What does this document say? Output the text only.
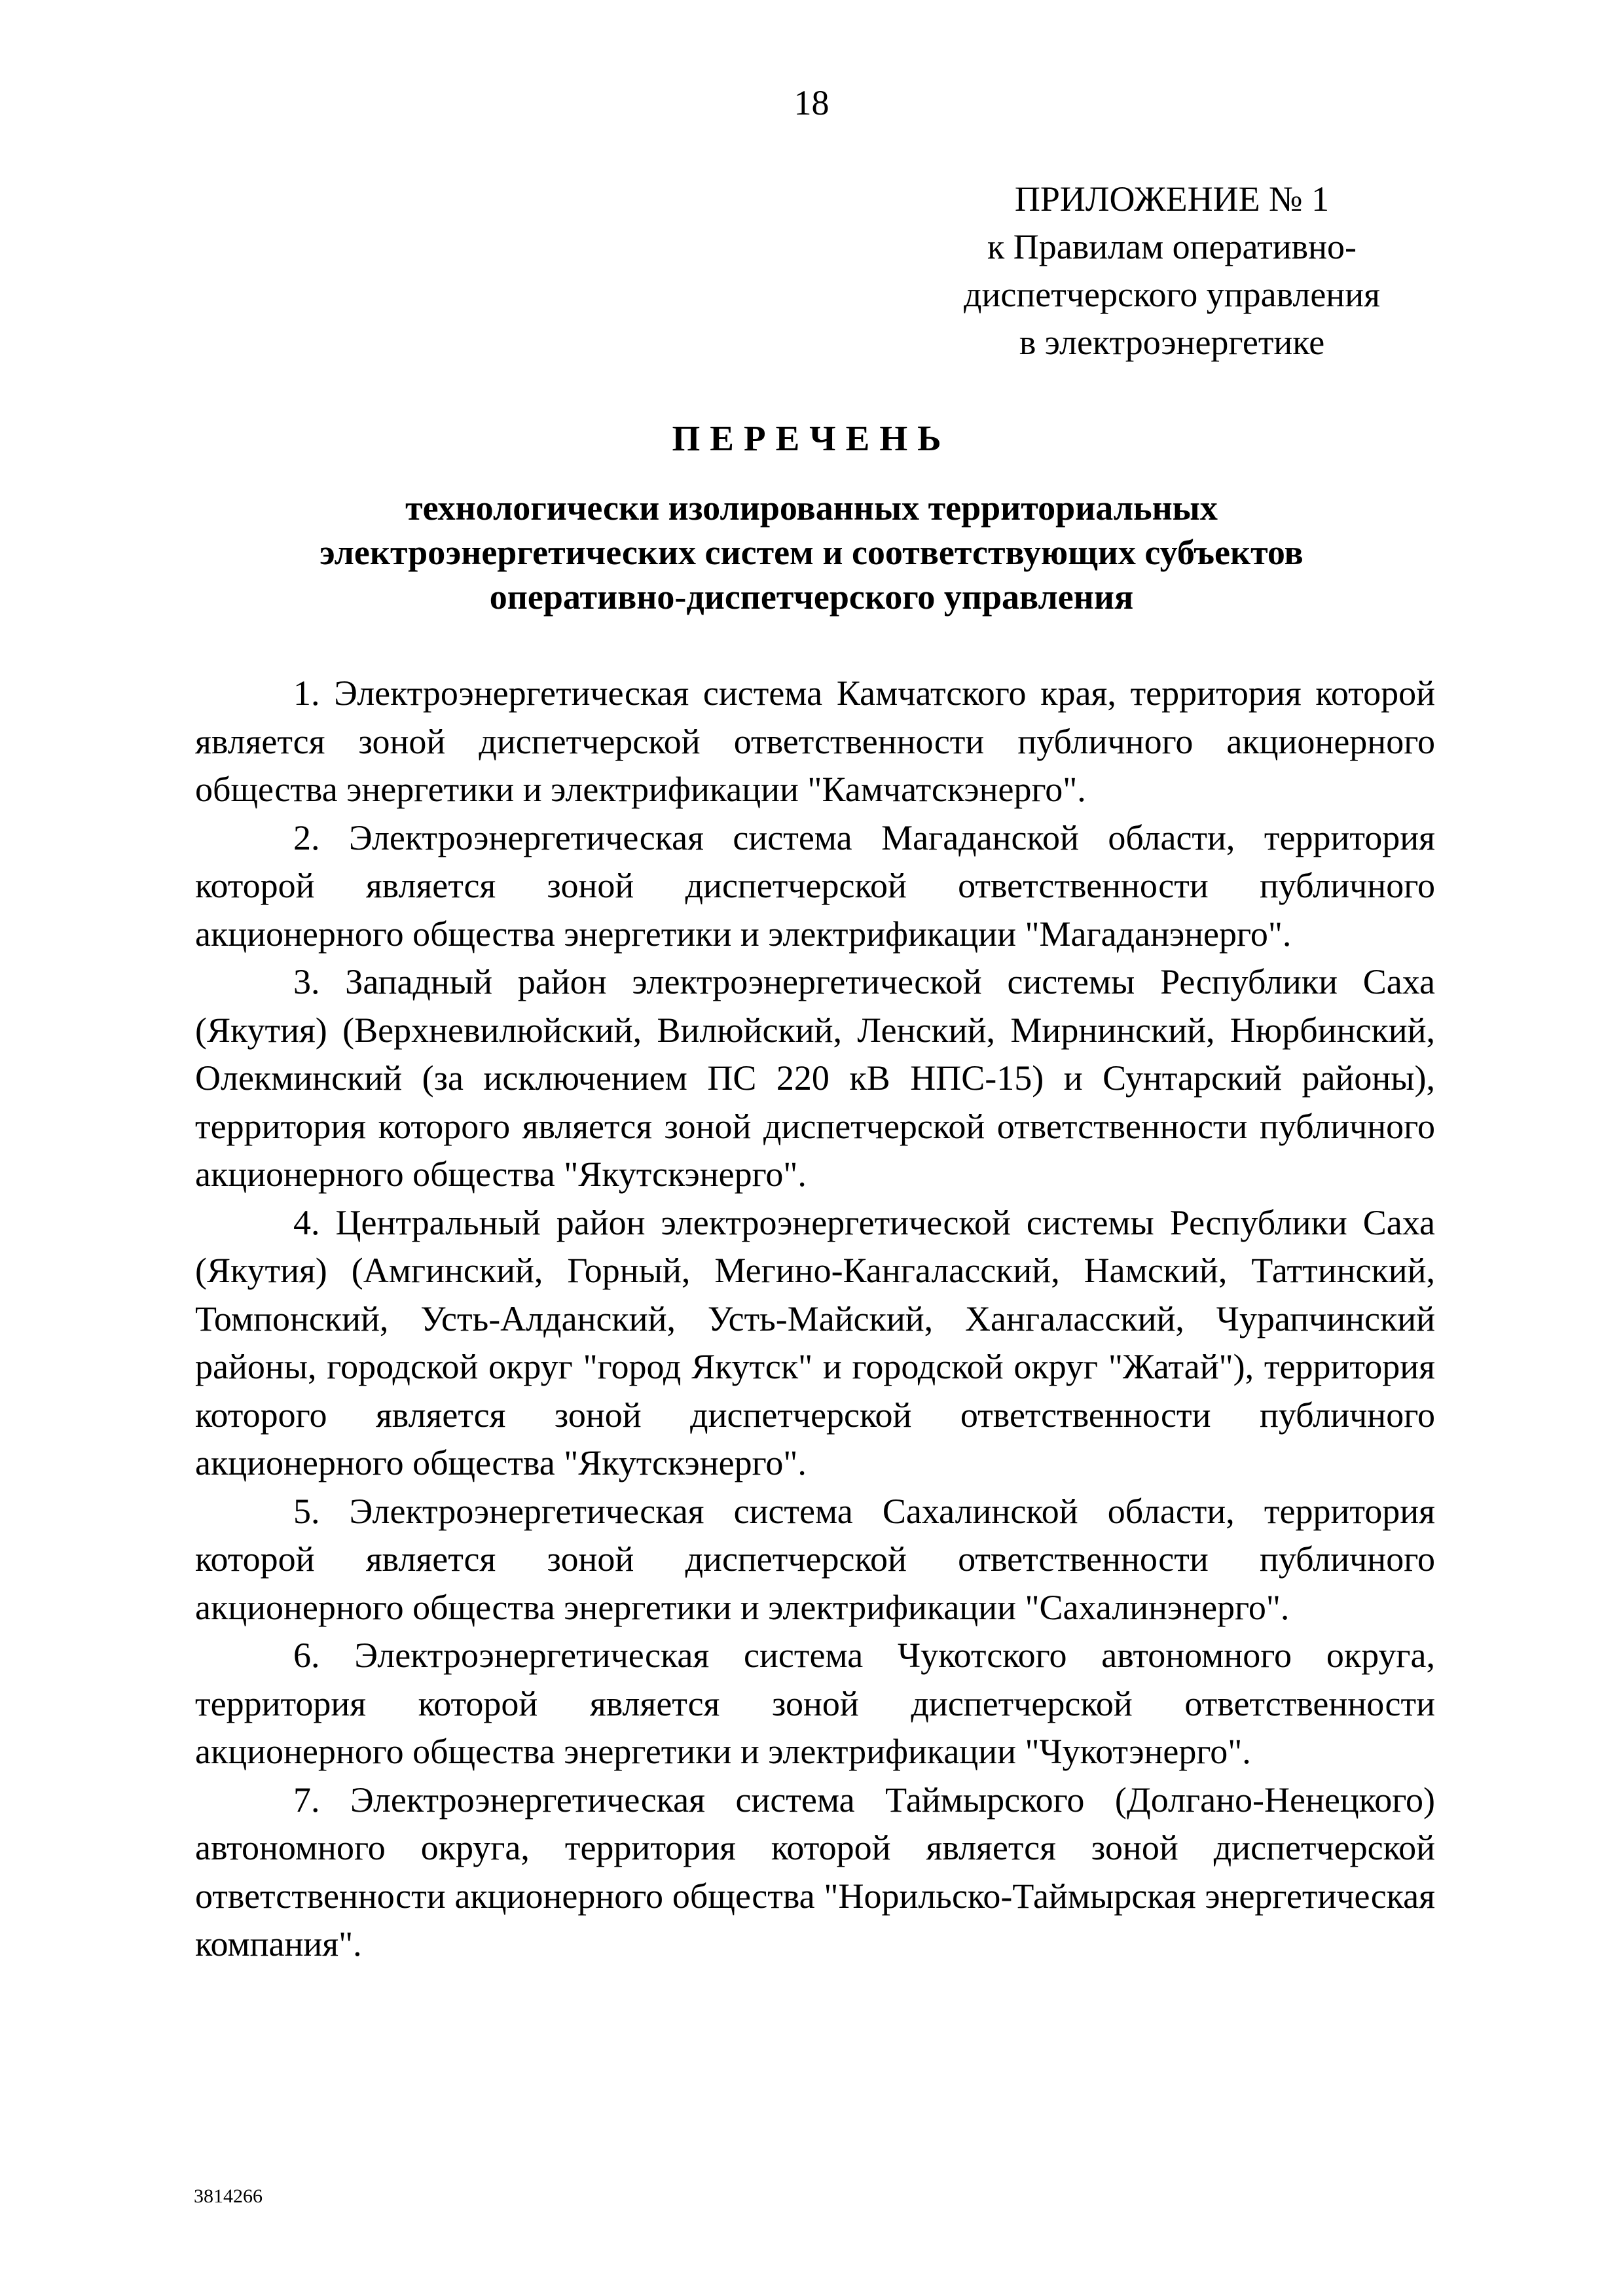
18
ПРИЛОЖЕНИЕ № 1
к Правилам оперативно-
диспетчерского управления
в электроэнергетике
ПЕРЕЧЕНЬ
технологически изолированных территориальных
электроэнергетических систем и соответствующих субъектов
оперативно-диспетчерского управления

1. Электроэнергетическая система Камчатского края, территория которой является зоной диспетчерской ответственности публичного акционерного общества энергетики и электрификации "Камчатскэнерго".

2. Электроэнергетическая система Магаданской области, территория которой является зоной диспетчерской ответственности публичного акционерного общества энергетики и электрификации "Магаданэнерго".

3. Западный район электроэнергетической системы Республики Саха (Якутия) (Верхневилюйский, Вилюйский, Ленский, Мирнинский, Нюрбинский, Олекминский (за исключением ПС 220 кВ НПС-15) и Сунтарский районы), территория которого является зоной диспетчерской ответственности публичного акционерного общества "Якутскэнерго".

4. Центральный район электроэнергетической системы Республики Саха (Якутия) (Амгинский, Горный, Мегино-Кангаласский, Намский, Таттинский, Томпонский, Усть-Алданский, Усть-Майский, Хангаласский, Чурапчинский районы, городской округ "город Якутск" и городской округ "Жатай"), территория которого является зоной диспетчерской ответственности публичного акционерного общества "Якутскэнерго".

5. Электроэнергетическая система Сахалинской области, территория которой является зоной диспетчерской ответственности публичного акционерного общества энергетики и электрификации "Сахалинэнерго".

6. Электроэнергетическая система Чукотского автономного округа, территория которой является зоной диспетчерской ответственности акционерного общества энергетики и электрификации "Чукотэнерго".

7. Электроэнергетическая система Таймырского (Долгано-Ненецкого) автономного округа, территория которой является зоной диспетчерской ответственности акционерного общества "Норильско-Таймырская энергетическая компания".

3814266
